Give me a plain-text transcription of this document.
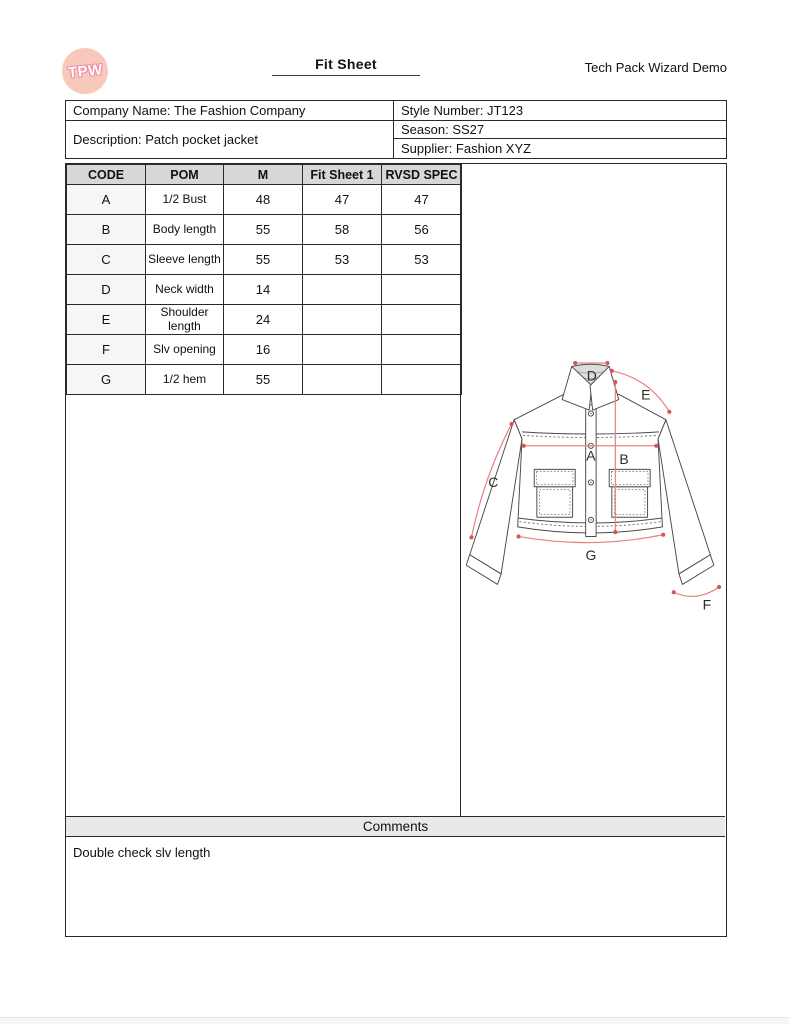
TPW	Fit Sheet	Tech Pack Wizard Demo
Company Name: The Fashion Company
Description: Patch pocket jacket
Style Number: JT123
Season: SS27
Supplier: Fashion XYZ
CODE	POM	M	Fit Sheet 1	RVSD SPEC
A	1/2 Bust	48	47	47
B	Body length	55	58	56
C	Sleeve length	55	53	53
D	Neck width	14		
E	Shoulder length	24		
F	Slv opening	16		
G	1/2 hem	55		
A B
C
D
E
F
G
Comments
Double check slv length
